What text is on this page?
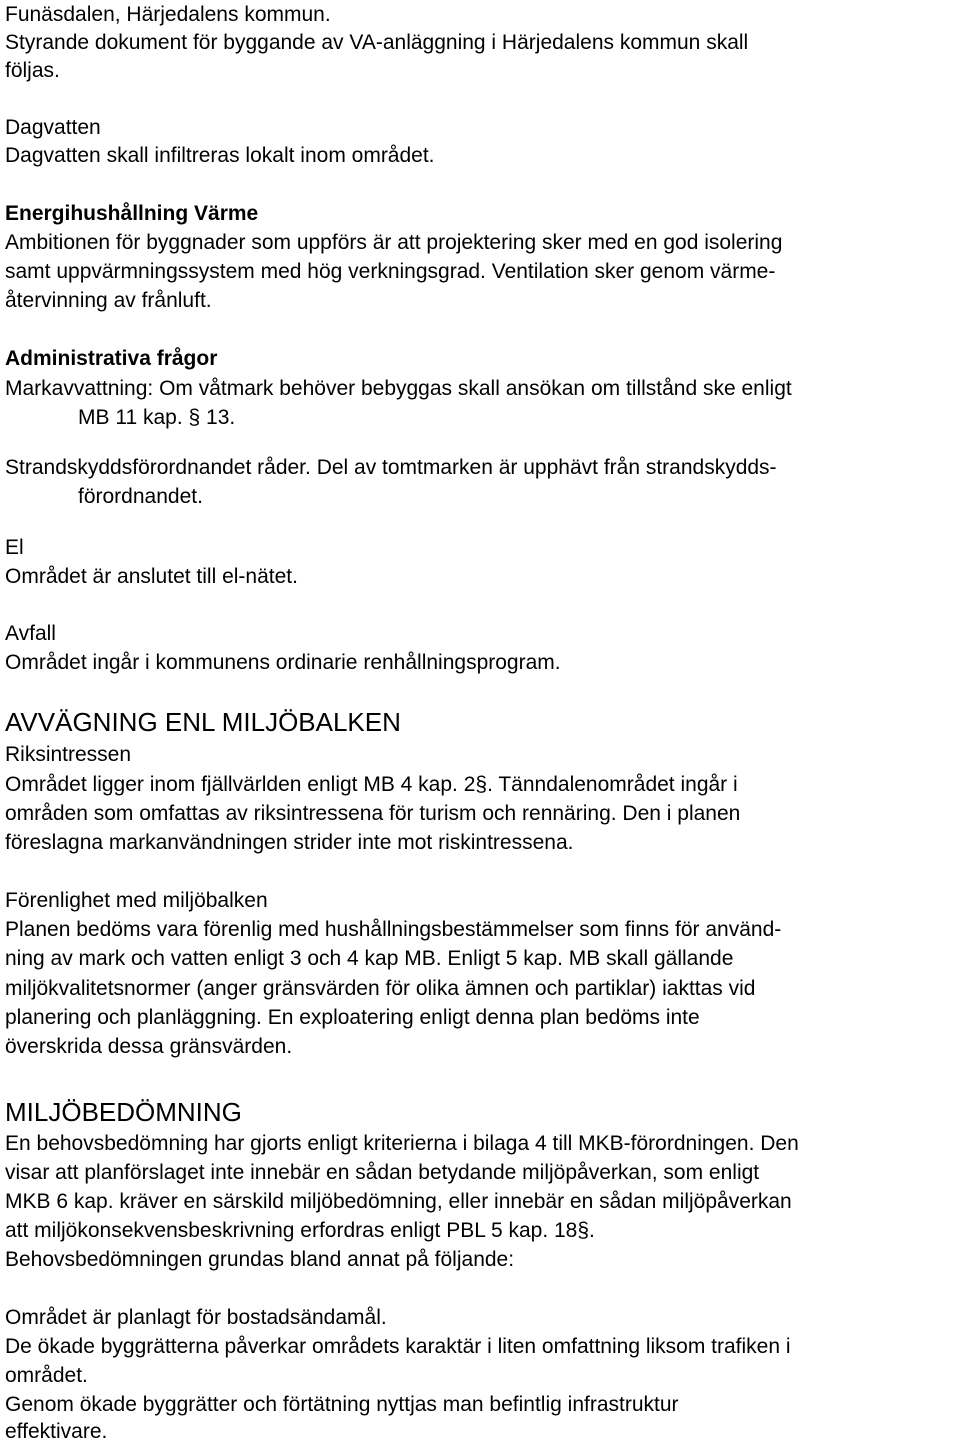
Funäsdalen, Härjedalens kommun.
Styrande dokument för byggande av VA-anläggning i Härjedalens kommun skall
följas.
Dagvatten
Dagvatten skall infiltreras lokalt inom området.
Energihushållning Värme
Ambitionen för byggnader som uppförs är att projektering sker med en god isolering
samt uppvärmningssystem med hög verkningsgrad. Ventilation sker genom värme-
återvinning av frånluft.
Administrativa frågor
Markavvattning: Om våtmark behöver bebyggas skall ansökan om tillstånd ske enligt
MB 11 kap. § 13.
Strandskyddsförordnandet råder. Del av tomtmarken är upphävt från strandskydds-
förordnandet.
El
Området är anslutet till el-nätet.
Avfall
Området ingår i kommunens ordinarie renhållningsprogram.
AVVÄGNING ENL MILJÖBALKEN
Riksintressen
Området ligger inom fjällvärlden enligt MB 4 kap. 2§. Tänndalenområdet ingår i
områden som omfattas av riksintressena för turism och rennäring. Den i planen
föreslagna markanvändningen strider inte mot riskintressena.
Förenlighet med miljöbalken
Planen bedöms vara förenlig med hushållningsbestämmelser som finns för använd-
ning av mark och vatten enligt 3 och 4 kap MB. Enligt 5 kap. MB skall gällande
miljökvalitetsnormer (anger gränsvärden för olika ämnen och partiklar) iakttas vid
planering och planläggning. En exploatering enligt denna plan bedöms inte
överskrida dessa gränsvärden.
MILJÖBEDÖMNING
En behovsbedömning har gjorts enligt kriterierna i bilaga 4 till MKB-förordningen. Den
visar att planförslaget inte innebär en sådan betydande miljöpåverkan, som enligt
MKB 6 kap. kräver en särskild miljöbedömning, eller innebär en sådan miljöpåverkan
att miljökonsekvensbeskrivning erfordras enligt PBL 5 kap. 18§.
Behovsbedömningen grundas bland annat på följande:
Området är planlagt för bostadsändamål.
De ökade byggrätterna påverkar områdets karaktär i liten omfattning liksom trafiken i
området.
Genom ökade byggrätter och förtätning nyttjas man befintlig infrastruktur
effektivare.
